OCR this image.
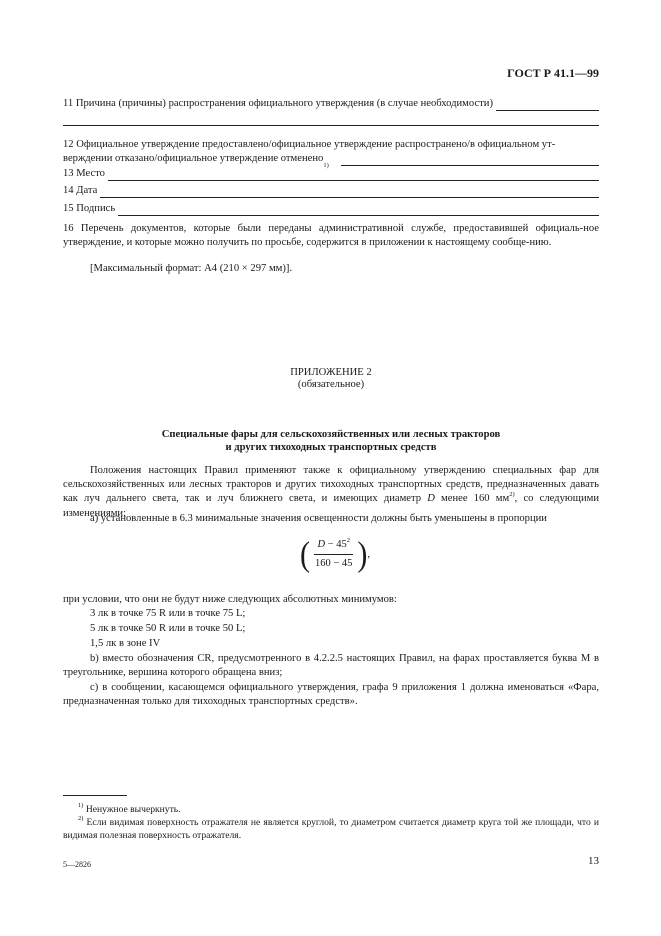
ГОСТ Р 41.1—99
11 Причина (причины) распространения официального утверждения (в случае необходимости)
12 Официальное утверждение предоставлено/официальное утверждение распространено/в официальном ут-
верждении отказано/официальное утверждение отменено
1)
13 Место
14 Дата
15 Подпись
16 Перечень документов, которые были переданы административной службе, предоставившей официаль-ное утверждение, и которые можно получить по просьбе, содержится в приложении к настоящему сообще-нию.
[Максимальный формат: А4 (210 × 297 мм)].
ПРИЛОЖЕНИЕ 2
(обязательное)
Специальные фары для сельскохозяйственных или лесных тракторов
и других тихоходных транспортных средств
Положения настоящих Правил применяют также к официальному утверждению специальных фар для сельскохозяйственных или лесных тракторов и других тихоходных транспортных средств, предназначенных давать как луч дальнего света, так и луч ближнего света, и имеющих диаметр D менее 160 $мм^{2)}$, со следующими изменениями:
а) установленные в 6.3 минимальные значения освещенности должны быть уменьшены в пропорции
( $\frac{D - 45^2}{160 - 45}$ ) ,
при условии, что они не будут ниже следующих абсолютных минимумов:
3 лк в точке 75 R или в точке 75 L;
5 лк в точке 50 R или в точке 50 L;
1,5 лк в зоне IV
b) вместо обозначения CR, предусмотренного в 4.2.2.5 настоящих Правил, на фарах проставляется буква М в треугольнике, вершина которого обращена вниз;
с) в сообщении, касающемся официального утверждения, графа 9 приложения 1 должна именоваться «Фара, предназначенная только для тихоходных транспортных средств».
$^{1)}$ Ненужное вычеркнуть.
$^{2)}$ Если видимая поверхность отражателя не является круглой, то диаметром считается диаметр круга той же площади, что и видимая полезная поверхность отражателя.
5—2826	13
